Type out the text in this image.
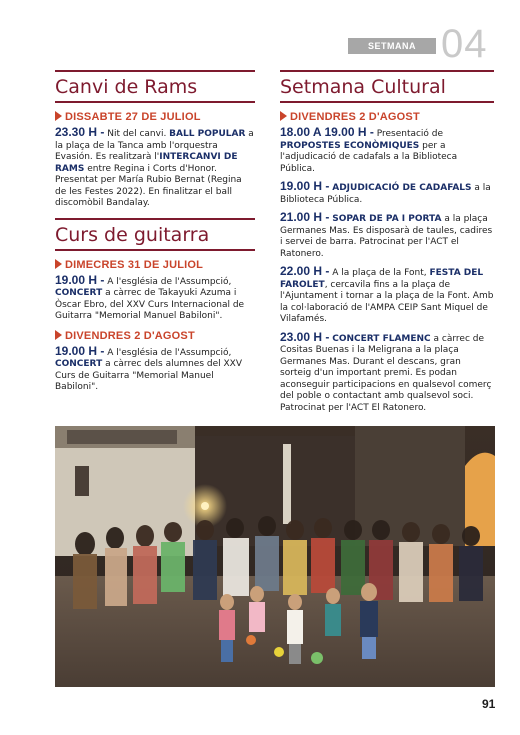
SETMANA CULTURAL 04
Canvi de Rams
DISSABTE 27 DE JULIOL

23.30 H - Nit del canvi. BALL POPULAR a la plaça de la Tanca amb l'orquestra Evasión. Es realitzarà l'INTERCANVI DE RAMS entre Regina i Corts d'Honor. Presentat per María Rubio Bernat (Regina de les Festes 2022). En finalitzar el ball discomòbil Bandalay.

Curs de guitarra
DIMECRES 31 DE JULIOL

19.00 H - A l'església de l'Assumpció, CONCERT a càrrec de Takayuki Azuma i Òscar Ebro, del XXV Curs Internacional de Guitarra "Memorial Manuel Babiloni".

DIVENDRES 2 D'AGOST

19.00 H - A l'església de l'Assumpció, CONCERT a càrrec dels alumnes del XXV Curs de Guitarra "Memorial Manuel Babiloni".

Setmana Cultural
DIVENDRES 2 D'AGOST

18.00 A 19.00 H - Presentació de PROPOSTES ECONÒMIQUES per a l'adjudicació de cadafals a la Biblioteca Pública.

19.00 H - ADJUDICACIÓ DE CADAFALS a la Biblioteca Pública.

21.00 H - SOPAR DE PA I PORTA a la plaça Germanes Mas. Es disposarà de taules, cadires i servei de barra. Patrocinat per l'ACT el Ratonero.

22.00 H - A la plaça de la Font, FESTA DEL FAROLET, cercavila fins a la plaça de l'Ajuntament i tornar a la plaça de la Font. Amb la col·laboració de l'AMPA CEIP Sant Miquel de Vilafamés.

23.00 H - CONCERT FLAMENC a càrrec de Cositas Buenas i la Meligrana a la plaça Germanes Mas. Durant el descans, gran sorteig d'un important premi. Es podan aconseguir participacions en qualsevol comerç del poble o contactant amb qualsevol soci. Patrocinat per l'ACT El Ratonero.

91
